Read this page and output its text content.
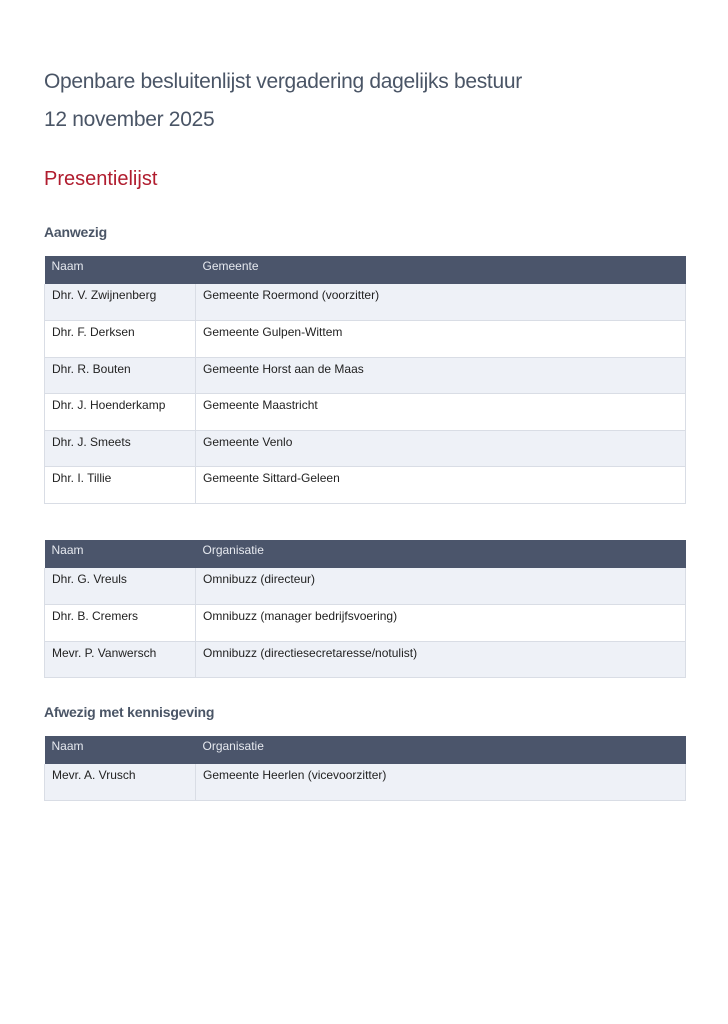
Openbare besluitenlijst vergadering dagelijks bestuur
12 november 2025
Presentielijst
Aanwezig
Naam	Gemeente
Dhr. V. Zwijnenberg	Gemeente Roermond (voorzitter)
Dhr. F. Derksen	Gemeente Gulpen-Wittem
Dhr. R. Bouten	Gemeente Horst aan de Maas
Dhr. J. Hoenderkamp	Gemeente Maastricht
Dhr. J. Smeets	Gemeente Venlo
Dhr. I. Tillie	Gemeente Sittard-Geleen
Naam	Organisatie
Dhr. G. Vreuls	Omnibuzz (directeur)
Dhr. B. Cremers	Omnibuzz (manager bedrijfsvoering)
Mevr. P. Vanwersch	Omnibuzz (directiesecretaresse/notulist)
Afwezig met kennisgeving
Naam	Organisatie
Mevr. A. Vrusch	Gemeente Heerlen (vicevoorzitter)
